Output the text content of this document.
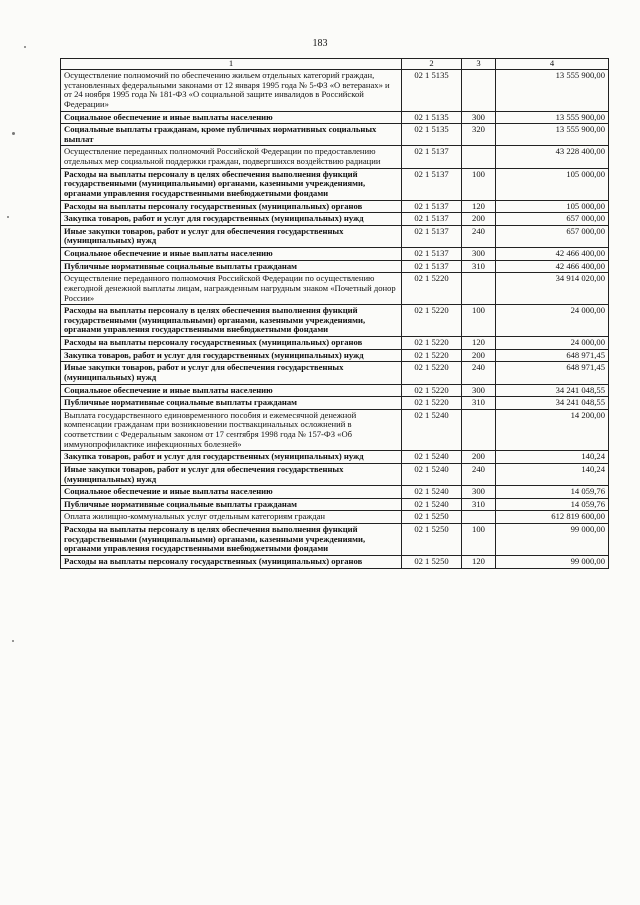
183
1	2	3	4
Осуществление полномочий по обеспечению жильем отдельных категорий граждан, установленных федеральными законами от 12 января 1995 года № 5-ФЗ «О ветеранах» и от 24 ноября 1995 года № 181-ФЗ «О социальной защите инвалидов в Российской Федерации»	02 1 5135		13 555 900,00
Социальное обеспечение и иные выплаты населению	02 1 5135	300	13 555 900,00
Социальные выплаты гражданам, кроме публичных нормативных социальных выплат	02 1 5135	320	13 555 900,00
Осуществление переданных полномочий Российской Федерации по предоставлению отдельных мер социальной поддержки граждан, подвергшихся воздействию радиации	02 1 5137		43 228 400,00
Расходы на выплаты персоналу в целях обеспечения выполнения функций государственными (муниципальными) органами, казенными учреждениями, органами управления государственными внебюджетными фондами	02 1 5137	100	105 000,00
Расходы на выплаты персоналу государственных (муниципальных) органов	02 1 5137	120	105 000,00
Закупка товаров, работ и услуг для государственных (муниципальных) нужд	02 1 5137	200	657 000,00
Иные закупки товаров, работ и услуг для обеспечения государственных (муниципальных) нужд	02 1 5137	240	657 000,00
Социальное обеспечение и иные выплаты населению	02 1 5137	300	42 466 400,00
Публичные нормативные социальные выплаты гражданам	02 1 5137	310	42 466 400,00
Осуществление переданного полномочия Российской Федерации по осуществлению ежегодной денежной выплаты лицам, награжденным нагрудным знаком «Почетный донор России»	02 1 5220		34 914 020,00
Расходы на выплаты персоналу в целях обеспечения выполнения функций государственными (муниципальными) органами, казенными учреждениями, органами управления государственными внебюджетными фондами	02 1 5220	100	24 000,00
Расходы на выплаты персоналу государственных (муниципальных) органов	02 1 5220	120	24 000,00
Закупка товаров, работ и услуг для государственных (муниципальных) нужд	02 1 5220	200	648 971,45
Иные закупки товаров, работ и услуг для обеспечения государственных (муниципальных) нужд	02 1 5220	240	648 971,45
Социальное обеспечение и иные выплаты населению	02 1 5220	300	34 241 048,55
Публичные нормативные социальные выплаты гражданам	02 1 5220	310	34 241 048,55
Выплата государственного единовременного пособия и ежемесячной денежной компенсации гражданам при возникновении поствакцинальных осложнений в соответствии с Федеральным законом от 17 сентября 1998 года № 157-ФЗ «Об иммунопрофилактике инфекционных болезней»	02 1 5240		14 200,00
Закупка товаров, работ и услуг для государственных (муниципальных) нужд	02 1 5240	200	140,24
Иные закупки товаров, работ и услуг для обеспечения государственных (муниципальных) нужд	02 1 5240	240	140,24
Социальное обеспечение и иные выплаты населению	02 1 5240	300	14 059,76
Публичные нормативные социальные выплаты гражданам	02 1 5240	310	14 059,76
Оплата жилищно-коммунальных услуг отдельным категориям граждан	02 1 5250		612 819 600,00
Расходы на выплаты персоналу в целях обеспечения выполнения функций государственными (муниципальными) органами, казенными учреждениями, органами управления государственными внебюджетными фондами	02 1 5250	100	99 000,00
Расходы на выплаты персоналу государственных (муниципальных) органов	02 1 5250	120	99 000,00
